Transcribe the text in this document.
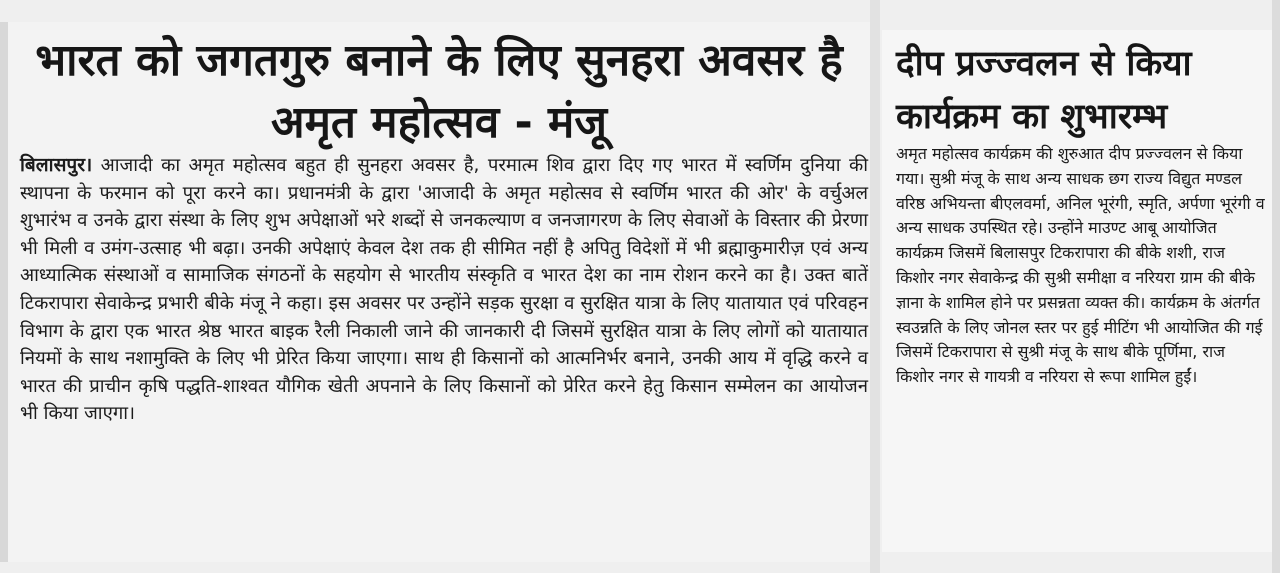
भारत को जगतगुरु बनाने के लिए सुनहरा अवसर है अमृत महोत्सव - मंजू
बिलासपुर। आजादी का अमृत महोत्सव बहुत ही सुनहरा अवसर है, परमात्म शिव द्वारा दिए गए भारत में स्वर्णिम दुनिया की स्थापना के फरमान को पूरा करने का। प्रधानमंत्री के द्वारा 'आजादी के अमृत महोत्सव से स्वर्णिम भारत की ओर' के वर्चुअल शुभारंभ व उनके द्वारा संस्था के लिए शुभ अपेक्षाओं भरे शब्दों से जनकल्याण व जनजागरण के लिए सेवाओं के विस्तार की प्रेरणा भी मिली व उमंग-उत्साह भी बढ़ा। उनकी अपेक्षाएं केवल देश तक ही सीमित नहीं है अपितु विदेशों में भी ब्रह्माकुमारीज़ एवं अन्य आध्यात्मिक संस्थाओं व सामाजिक संगठनों के सहयोग से भारतीय संस्कृति व भारत देश का नाम रोशन करने का है। उक्त बातें टिकरापारा सेवाकेन्द्र प्रभारी बीके मंजू ने कहा। इस अवसर पर उन्होंने सड़क सुरक्षा व सुरक्षित यात्रा के लिए यातायात एवं परिवहन विभाग के द्वारा एक भारत श्रेष्ठ भारत बाइक रैली निकाली जाने की जानकारी दी जिसमें सुरक्षित यात्रा के लिए लोगों को यातायात नियमों के साथ नशामुक्ति के लिए भी प्रेरित किया जाएगा। साथ ही किसानों को आत्मनिर्भर बनाने, उनकी आय में वृद्धि करने व भारत की प्राचीन कृषि पद्धति-शाश्वत यौगिक खेती अपनाने के लिए किसानों को प्रेरित करने हेतु किसान सम्मेलन का आयोजन भी किया जाएगा।
दीप प्रज्ज्वलन से किया कार्यक्रम का शुभारम्भ
अमृत महोत्सव कार्यक्रम की शुरुआत दीप प्रज्ज्वलन से किया गया। सुश्री मंजू के साथ अन्य साधक छग राज्य विद्युत मण्डल वरिष्ठ अभियन्ता बीएलवर्मा, अनिल भूरंगी, स्मृति, अर्पणा भूरंगी व अन्य साधक उपस्थित रहे। उन्होंने माउण्ट आबू आयोजित कार्यक्रम जिसमें बिलासपुर टिकरापारा की बीके शशी, राज किशोर नगर सेवाकेन्द्र की सुश्री समीक्षा व नरियरा ग्राम की बीके ज्ञाना के शामिल होने पर प्रसन्नता व्यक्त की। कार्यक्रम के अंतर्गत स्वउन्नति के लिए जोनल स्तर पर हुई मीटिंग भी आयोजित की गई जिसमें टिकरापारा से सुश्री मंजू के साथ बीके पूर्णिमा, राज किशोर नगर से गायत्री व नरियरा से रूपा शामिल हुईं।
